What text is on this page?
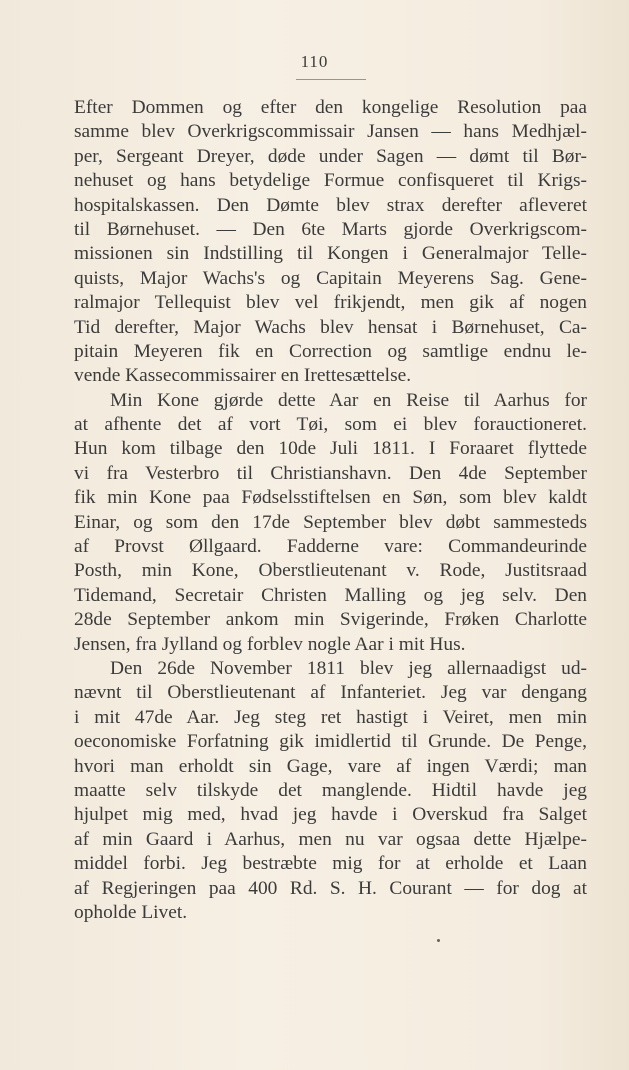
110
Efter Dommen og efter den kongelige Resolution paa
samme blev Overkrigscommissair Jansen — hans Medhjæl-
per, Sergeant Dreyer, døde under Sagen — dømt til Bør-
nehuset og hans betydelige Formue confisqueret til Krigs-
hospitalskassen. Den Dømte blev strax derefter afleveret
til Børnehuset. — Den 6te Marts gjorde Overkrigscom-
missionen sin Indstilling til Kongen i Generalmajor Telle-
quists, Major Wachs's og Capitain Meyerens Sag. Gene-
ralmajor Tellequist blev vel frikjendt, men gik af nogen
Tid derefter, Major Wachs blev hensat i Børnehuset, Ca-
pitain Meyeren fik en Correction og samtlige endnu le-
vende Kassecommissairer en Irettesættelse.
Min Kone gjørde dette Aar en Reise til Aarhus for
at afhente det af vort Tøi, som ei blev forauctioneret.
Hun kom tilbage den 10de Juli 1811. I Foraaret flyttede
vi fra Vesterbro til Christianshavn. Den 4de September
fik min Kone paa Fødselsstiftelsen en Søn, som blev kaldt
Einar, og som den 17de September blev døbt sammesteds
af Provst Øllgaard. Fadderne vare: Commandeurinde
Posth, min Kone, Oberstlieutenant v. Rode, Justitsraad
Tidemand, Secretair Christen Malling og jeg selv. Den
28de September ankom min Svigerinde, Frøken Charlotte
Jensen, fra Jylland og forblev nogle Aar i mit Hus.
Den 26de November 1811 blev jeg allernaadigst ud-
nævnt til Oberstlieutenant af Infanteriet. Jeg var dengang
i mit 47de Aar. Jeg steg ret hastigt i Veiret, men min
oeconomiske Forfatning gik imidlertid til Grunde. De Penge,
hvori man erholdt sin Gage, vare af ingen Værdi; man
maatte selv tilskyde det manglende. Hidtil havde jeg
hjulpet mig med, hvad jeg havde i Overskud fra Salget
af min Gaard i Aarhus, men nu var ogsaa dette Hjælpe-
middel forbi. Jeg bestræbte mig for at erholde et Laan
af Regjeringen paa 400 Rd. S. H. Courant — for dog at
opholde Livet.
